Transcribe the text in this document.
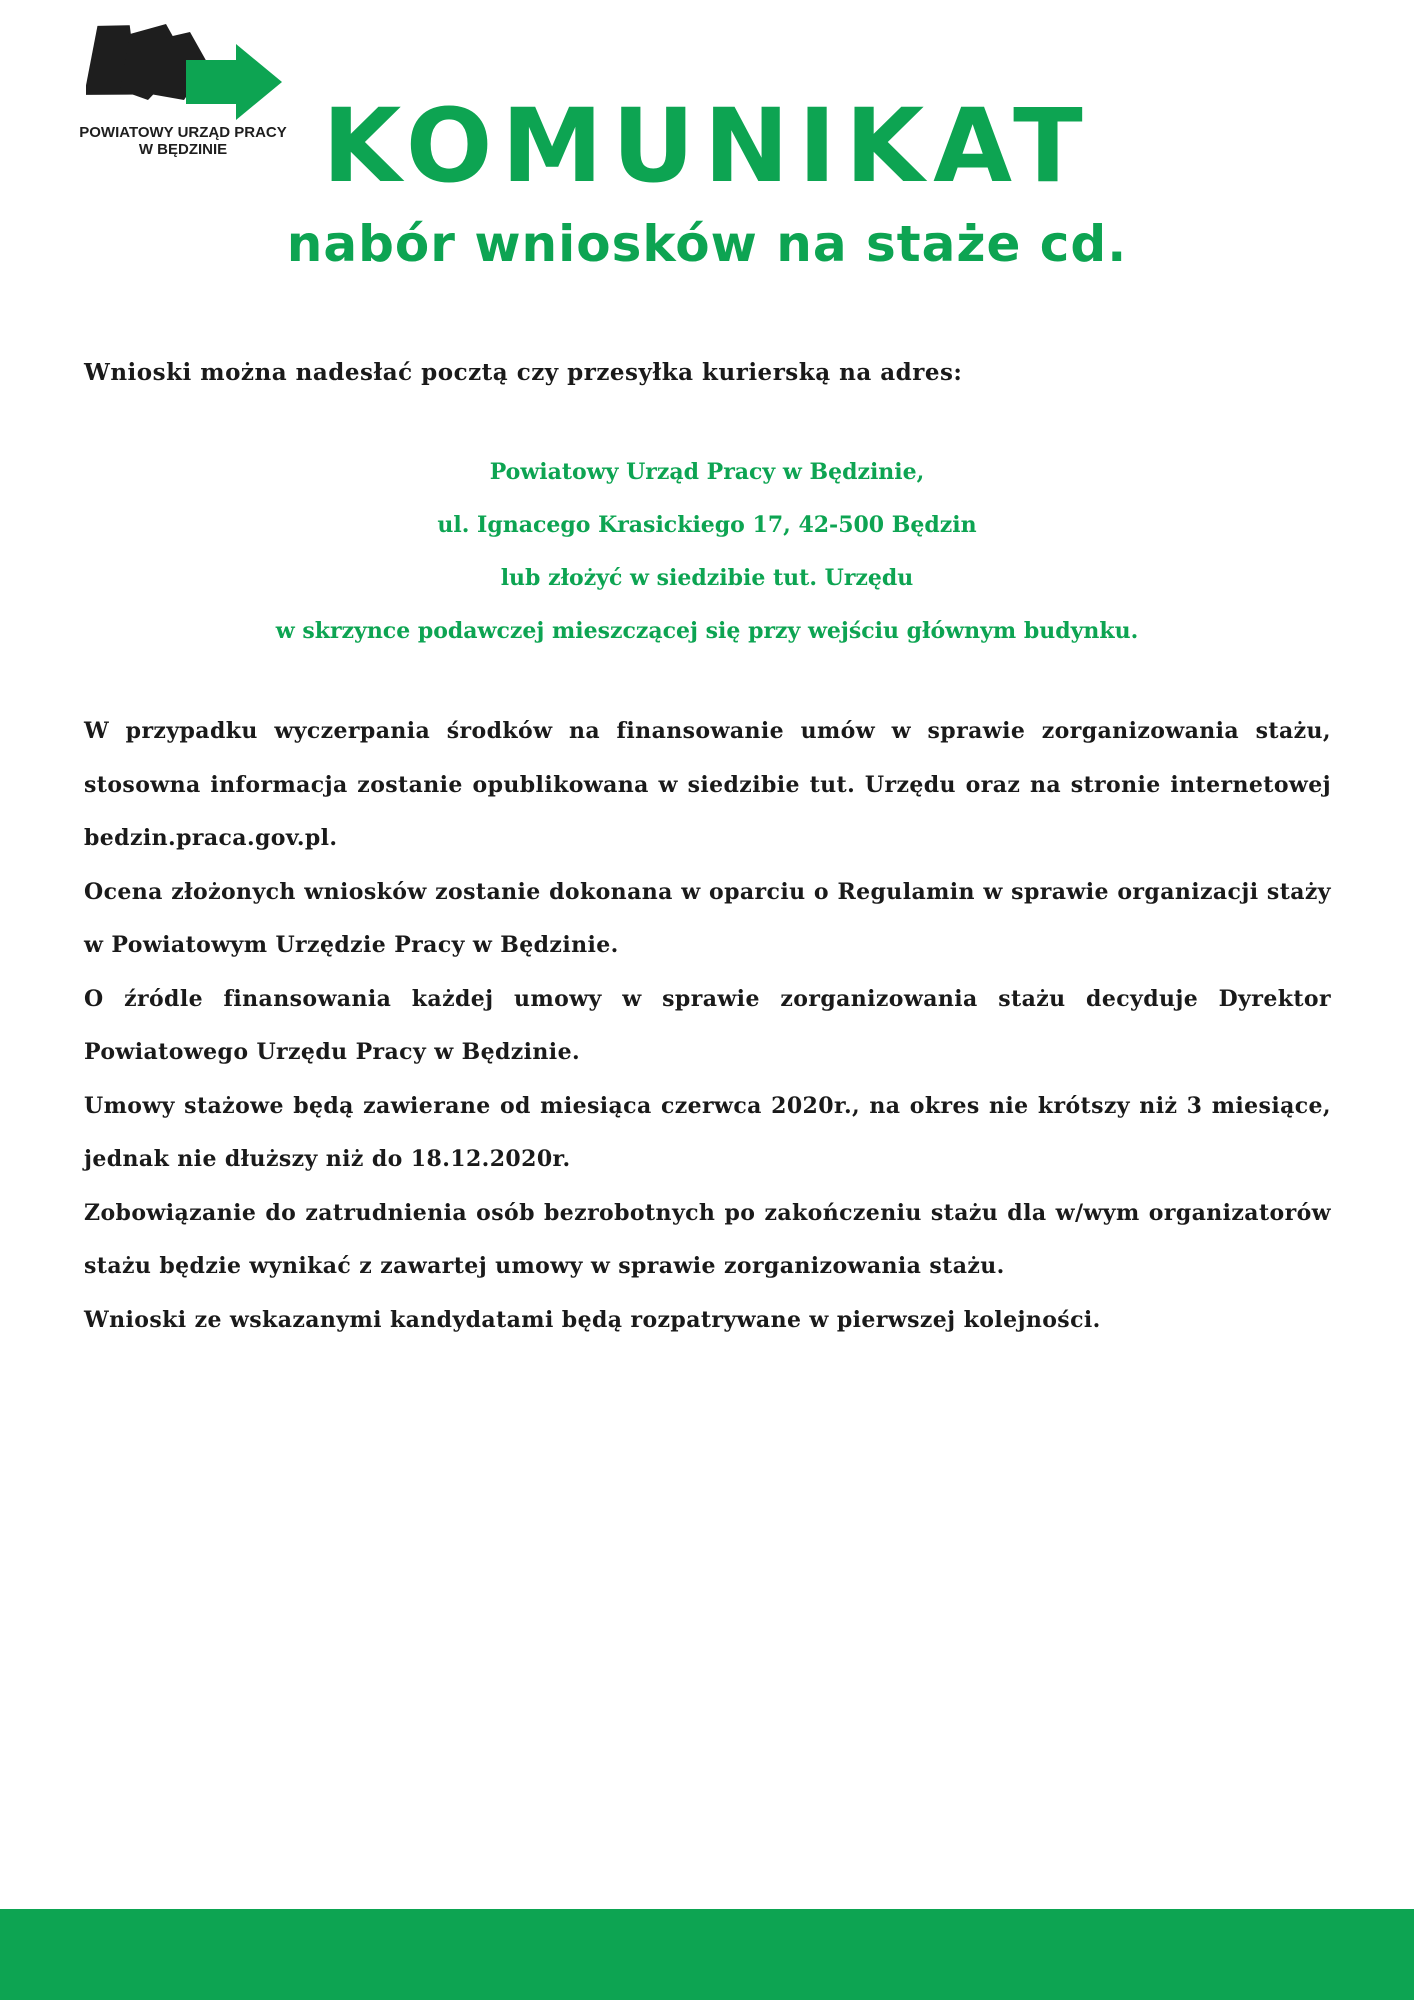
POWIATOWY URZĄD PRACY
W BĘDZINIE KOMUNIKAT
nabór wniosków na staże cd.

Wnioski można nadesłać pocztą czy przesyłka kurierską na adres:

Powiatowy Urząd Pracy w Będzinie,
ul. Ignacego Krasickiego 17, 42-500 Będzin
lub złożyć w siedzibie tut. Urzędu
w skrzynce podawczej mieszczącej się przy wejściu głównym budynku.

W przypadku wyczerpania środków na finansowanie umów w sprawie zorganizowania stażu, stosowna informacja zostanie opublikowana w siedzibie tut. Urzędu oraz na stronie internetowej bedzin.praca.gov.pl.

Ocena złożonych wniosków zostanie dokonana w oparciu o Regulamin w sprawie organizacji staży w Powiatowym Urzędzie Pracy w Będzinie.

O źródle finansowania każdej umowy w sprawie zorganizowania stażu decyduje Dyrektor Powiatowego Urzędu Pracy w Będzinie.

Umowy stażowe będą zawierane od miesiąca czerwca 2020r., na okres nie krótszy niż 3 miesiące, jednak nie dłuższy niż do 18.12.2020r.

Zobowiązanie do zatrudnienia osób bezrobotnych po zakończeniu stażu dla w/wym organizatorów stażu będzie wynikać z zawartej umowy w sprawie zorganizowania stażu.

Wnioski ze wskazanymi kandydatami będą rozpatrywane w pierwszej kolejności.
